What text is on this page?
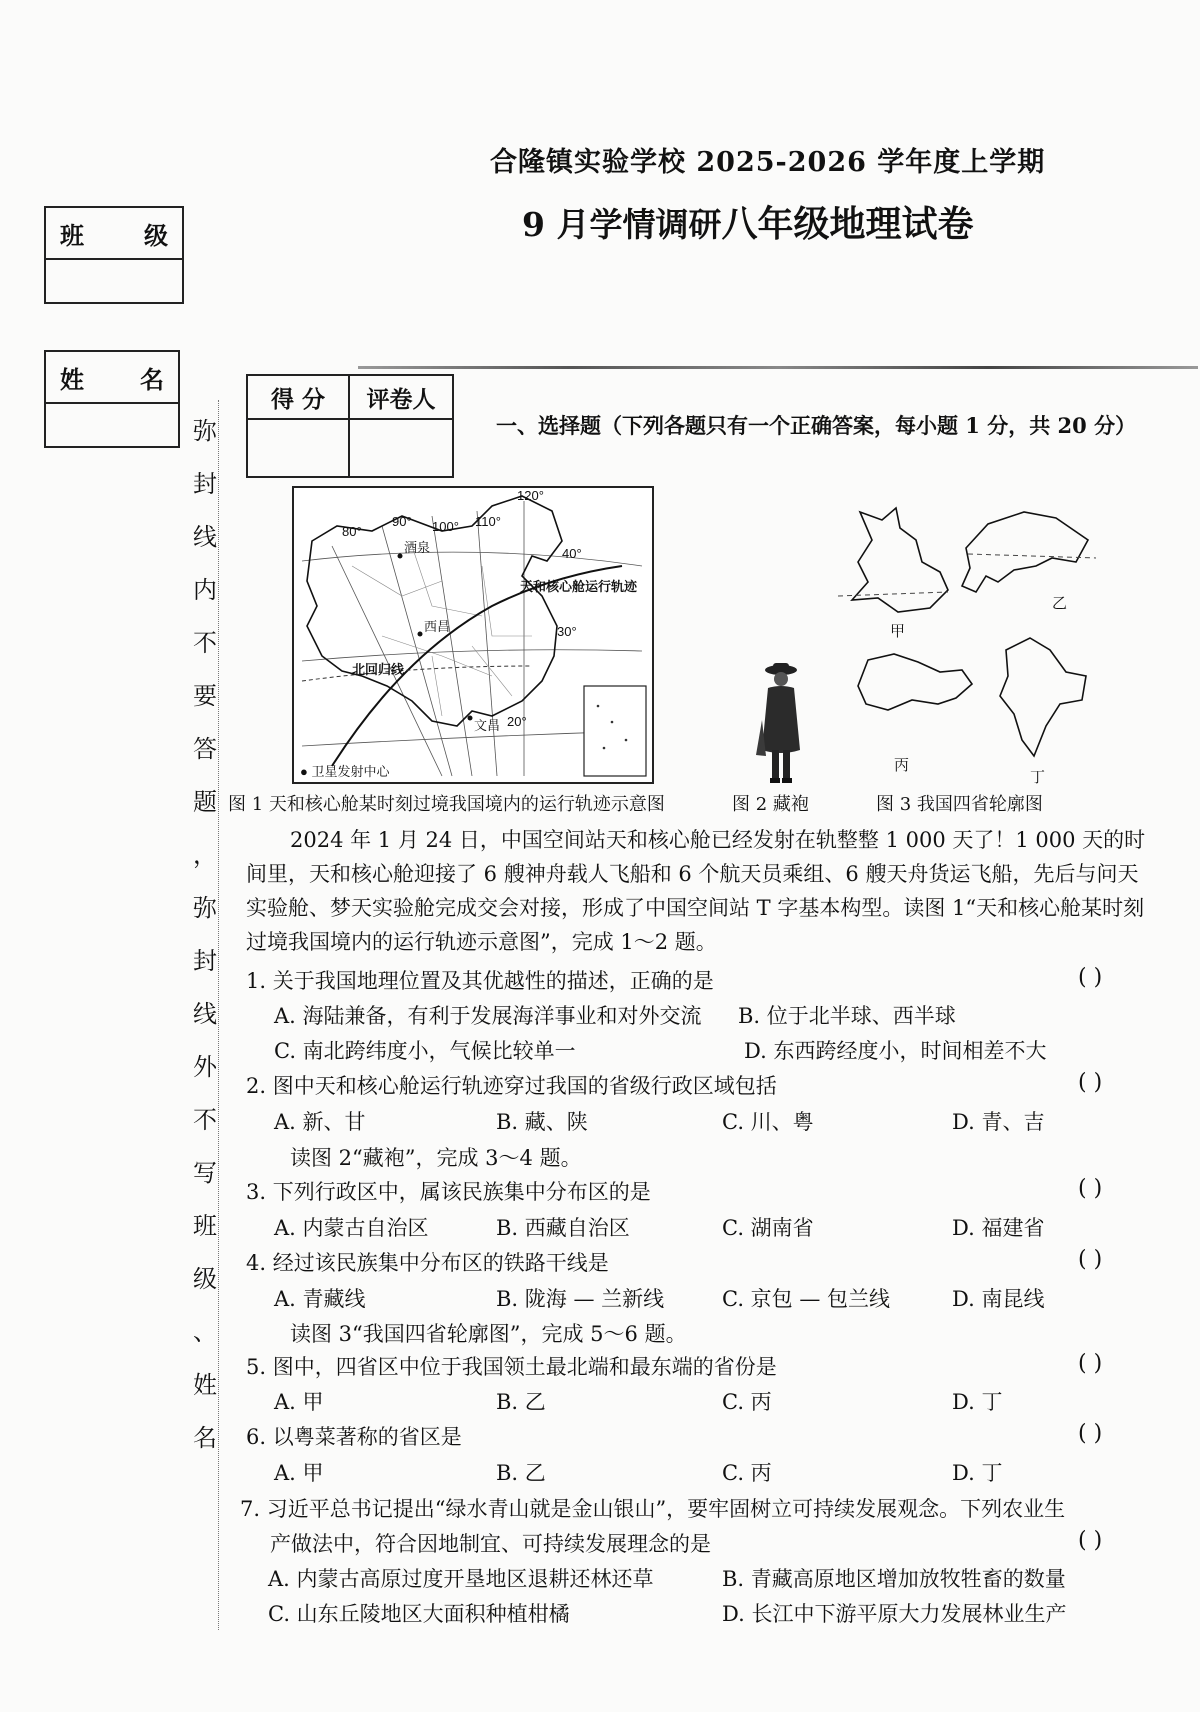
合隆镇实验学校 2025-2026 学年度上学期
9 月学情调研八年级地理试卷
班	级
姓 名
弥
封
线
内
不
要
答
题
，
弥
封
线
外
不
写
班
级
、
姓
名
得 分	评卷人
一、选择题（下列各题只有一个正确答案，每小题 1 分，共 20 分）
120°
90°
80°	100° 110°
40°
30°
20°
天和核心舱运行轨迹
北回归线
酒泉
西昌
文昌
● 卫星发射中心
甲
乙
丙
丁
图 1 天和核心舱某时刻过境我国境内的运行轨迹示意图	图 2 藏袍	图 3 我国四省轮廓图
2024 年 1 月 24 日，中国空间站天和核心舱已经发射在轨整整 1 000 天了！1 000 天的时间里，天和核心舱迎接了 6 艘神舟载人飞船和 6 个航天员乘组、6 艘天舟货运飞船，先后与问天实验舱、梦天实验舱完成交会对接，形成了中国空间站 T 字基本构型。读图 1“天和核心舱某时刻过境我国境内的运行轨迹示意图”，完成 1～2 题。
1. 关于我国地理位置及其优越性的描述，正确的是	( )
A. 海陆兼备，有利于发展海洋事业和对外交流 B. 位于北半球、西半球
C. 南北跨纬度小，气候比较单一	D. 东西跨经度小，时间相差不大
2. 图中天和核心舱运行轨迹穿过我国的省级行政区域包括	( )
A. 新、甘	B. 藏、陕	C. 川、粤	D. 青、吉
读图 2“藏袍”，完成 3～4 题。
3. 下列行政区中，属该民族集中分布区的是	( )
A. 内蒙古自治区	B. 西藏自治区	C. 湖南省	D. 福建省
4. 经过该民族集中分布区的铁路干线是	( )
A. 青藏线	B. 陇海 — 兰新线	C. 京包 — 包兰线	D. 南昆线
读图 3“我国四省轮廓图”，完成 5～6 题。
5. 图中，四省区中位于我国领土最北端和最东端的省份是	( )
A. 甲	B. 乙	C. 丙	D. 丁
6. 以粤菜著称的省区是	( )
A. 甲	B. 乙	C. 丙	D. 丁
7. 习近平总书记提出“绿水青山就是金山银山”，要牢固树立可持续发展观念。下列农业生
产做法中，符合因地制宜、可持续发展理念的是	( )
A. 内蒙古高原过度开垦地区退耕还林还草	B. 青藏高原地区增加放牧牲畜的数量
C. 山东丘陵地区大面积种植柑橘	D. 长江中下游平原大力发展林业生产
